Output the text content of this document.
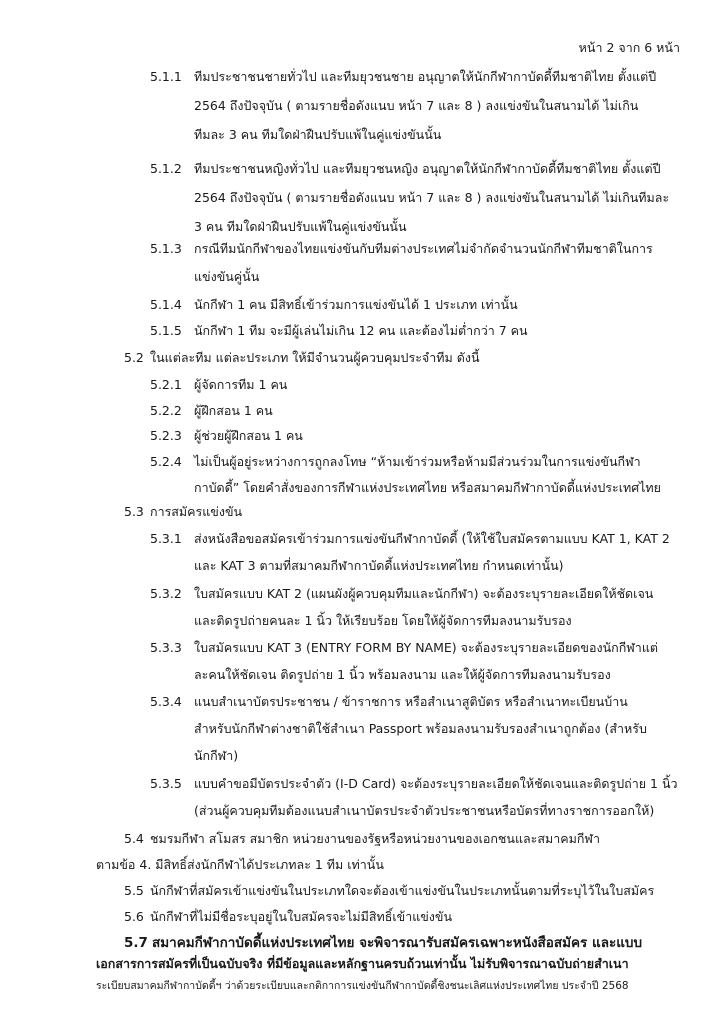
หน้า 2 จาก 6 หน้า
5.1.1 ทีมประชาชนชายทั่วไป และทีมยุวชนชาย อนุญาตให้นักกีฬากาบัดดี้ทีมชาติไทย ตั้งแต่ปี
2564 ถึงปัจจุบัน ( ตามรายชื่อดังแนบ หน้า 7 และ 8 ) ลงแข่งขันในสนามได้ ไม่เกิน
ทีมละ 3 คน ทีมใดฝ่าฝืนปรับแพ้ในคู่แข่งขันนั้น
5.1.2 ทีมประชาชนหญิงทั่วไป และทีมยุวชนหญิง อนุญาตให้นักกีฬากาบัดดี้ทีมชาติไทย ตั้งแต่ปี
2564 ถึงปัจจุบัน ( ตามรายชื่อดังแนบ หน้า 7 และ 8 ) ลงแข่งขันในสนามได้ ไม่เกินทีมละ
3 คน ทีมใดฝ่าฝืนปรับแพ้ในคู่แข่งขันนั้น
5.1.3 กรณีทีมนักกีฬาของไทยแข่งขันกับทีมต่างประเทศไม่จำกัดจำนวนนักกีฬาทีมชาติในการ
แข่งขันคู่นั้น
5.1.4 นักกีฬา 1 คน มีสิทธิ์เข้าร่วมการแข่งขันได้ 1 ประเภท เท่านั้น
5.1.5 นักกีฬา 1 ทีม จะมีผู้เล่นไม่เกิน 12 คน และต้องไม่ต่ำกว่า 7 คน
5.2 ในแต่ละทีม แต่ละประเภท ให้มีจำนวนผู้ควบคุมประจำทีม ดังนี้
5.2.1 ผู้จัดการทีม 1 คน
5.2.2 ผู้ฝึกสอน 1 คน
5.2.3 ผู้ช่วยผู้ฝึกสอน 1 คน
5.2.4 ไม่เป็นผู้อยู่ระหว่างการถูกลงโทษ “ห้ามเข้าร่วมหรือห้ามมีส่วนร่วมในการแข่งขันกีฬา
กาบัดดี้” โดยคำสั่งของการกีฬาแห่งประเทศไทย หรือสมาคมกีฬากาบัดดี้แห่งประเทศไทย
5.3 การสมัครแข่งขัน
5.3.1 ส่งหนังสือขอสมัครเข้าร่วมการแข่งขันกีฬากาบัดดี้ (ให้ใช้ใบสมัครตามแบบ KAT 1, KAT 2
และ KAT 3 ตามที่สมาคมกีฬากาบัดดี้แห่งประเทศไทย กำหนดเท่านั้น)
5.3.2 ใบสมัครแบบ KAT 2 (แผนผังผู้ควบคุมทีมและนักกีฬา) จะต้องระบุรายละเอียดให้ชัดเจน
และติดรูปถ่ายคนละ 1 นิ้ว ให้เรียบร้อย โดยให้ผู้จัดการทีมลงนามรับรอง
5.3.3 ใบสมัครแบบ KAT 3 (ENTRY FORM BY NAME) จะต้องระบุรายละเอียดของนักกีฬาแต่
ละคนให้ชัดเจน ติดรูปถ่าย 1 นิ้ว พร้อมลงนาม และให้ผู้จัดการทีมลงนามรับรอง
5.3.4 แนบสำเนาบัตรประชาชน / ข้าราชการ หรือสำเนาสูติบัตร หรือสำเนาทะเบียนบ้าน
สำหรับนักกีฬาต่างชาติใช้สำเนา Passport พร้อมลงนามรับรองสำเนาถูกต้อง (สำหรับ
นักกีฬา)
5.3.5 แบบคำขอมีบัตรประจำตัว (I-D Card) จะต้องระบุรายละเอียดให้ชัดเจนและติดรูปถ่าย 1 นิ้ว
(ส่วนผู้ควบคุมทีมต้องแนบสำเนาบัตรประจำตัวประชาชนหรือบัตรที่ทางราชการออกให้)
5.4 ชมรมกีฬา สโมสร สมาชิก หน่วยงานของรัฐหรือหน่วยงานของเอกชนและสมาคมกีฬา
ตามข้อ 4. มีสิทธิ์ส่งนักกีฬาได้ประเภทละ 1 ทีม เท่านั้น
5.5 นักกีฬาที่สมัครเข้าแข่งขันในประเภทใดจะต้องเข้าแข่งขันในประเภทนั้นตามที่ระบุไว้ในใบสมัคร
5.6 นักกีฬาที่ไม่มีชื่อระบุอยู่ในใบสมัครจะไม่มีสิทธิ์เข้าแข่งขัน
5.7 สมาคมกีฬากาบัดดี้แห่งประเทศไทย จะพิจารณารับสมัครเฉพาะหนังสือสมัคร และแบบ
เอกสารการสมัครที่เป็นฉบับจริง ที่มีข้อมูลและหลักฐานครบถ้วนเท่านั้น ไม่รับพิจารณาฉบับถ่ายสำเนา
ระเบียบสมาคมกีฬากาบัดดี้ฯ ว่าด้วยระเบียบและกติกาการแข่งขันกีฬากาบัดดี้ชิงชนะเลิศแห่งประเทศไทย ประจำปี 2568
